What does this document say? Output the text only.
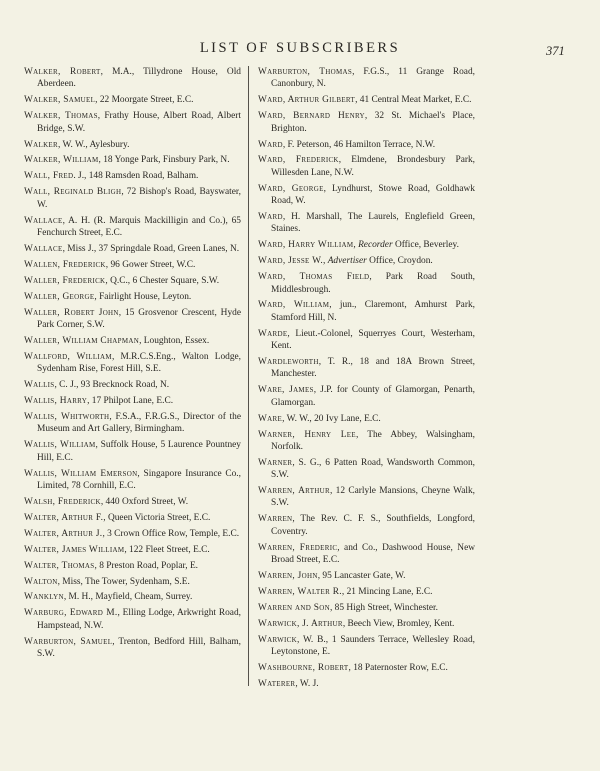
LIST OF SUBSCRIBERS	371
Walker, Robert, M.A., Tillydrone House, Old Aberdeen.
Walker, Samuel, 22 Moorgate Street, E.C.
Walker, Thomas, Frathy House, Albert Road, Albert Bridge, S.W.
Walker, W. W., Aylesbury.
Walker, William, 18 Yonge Park, Finsbury Park, N.
Wall, Fred. J., 148 Ramsden Road, Balham.
Wall, Reginald Bligh, 72 Bishop's Road, Bayswater, W.
Wallace, A. H. (R. Marquis Mackilligin and Co.), 65 Fenchurch Street, E.C.
Wallace, Miss J., 37 Springdale Road, Green Lanes, N.
Wallen, Frederick, 96 Gower Street, W.C.
Waller, Frederick, Q.C., 6 Chester Square, S.W.
Waller, George, Fairlight House, Leyton.
Waller, Robert John, 15 Grosvenor Crescent, Hyde Park Corner, S.W.
Waller, William Chapman, Loughton, Essex.
Wallford, William, M.R.C.S.Eng., Walton Lodge, Sydenham Rise, Forest Hill, S.E.
Wallis, C. J., 93 Brecknock Road, N.
Wallis, Harry, 17 Philpot Lane, E.C.
Wallis, Whitworth, F.S.A., F.R.G.S., Director of the Museum and Art Gallery, Birmingham.
Wallis, William, Suffolk House, 5 Laurence Pountney Hill, E.C.
Wallis, William Emerson, Singapore Insurance Co., Limited, 78 Cornhill, E.C.
Walsh, Frederick, 440 Oxford Street, W.
Walter, Arthur F., Queen Victoria Street, E.C.
Walter, Arthur J., 3 Crown Office Row, Temple, E.C.
Walter, James William, 122 Fleet Street, E.C.
Walter, Thomas, 8 Preston Road, Poplar, E.
Walton, Miss, The Tower, Sydenham, S.E.
Wanklyn, M. H., Mayfield, Cheam, Surrey.
Warburg, Edward M., Elling Lodge, Arkwright Road, Hampstead, N.W.
Warburton, Samuel, Trenton, Bedford Hill, Balham, S.W.
Warburton, Thomas, F.G.S., 11 Grange Road, Canonbury, N.
Ward, Arthur Gilbert, 41 Central Meat Market, E.C.
Ward, Bernard Henry, 32 St. Michael's Place, Brighton.
Ward, F. Peterson, 46 Hamilton Terrace, N.W.
Ward, Frederick, Elmdene, Brondesbury Park, Willesden Lane, N.W.
Ward, George, Lyndhurst, Stowe Road, Goldhawk Road, W.
Ward, H. Marshall, The Laurels, Englefield Green, Staines.
Ward, Harry William, Recorder Office, Beverley.
Ward, Jesse W., Advertiser Office, Croydon.
Ward, Thomas Field, Park Road South, Middlesbrough.
Ward, William, jun., Claremont, Amhurst Park, Stamford Hill, N.
Warde, Lieut.-Colonel, Squerryes Court, Westerham, Kent.
Wardleworth, T. R., 18 and 18A Brown Street, Manchester.
Ware, James, J.P. for County of Glamorgan, Penarth, Glamorgan.
Ware, W. W., 20 Ivy Lane, E.C.
Warner, Henry Lee, The Abbey, Walsingham, Norfolk.
Warner, S. G., 6 Patten Road, Wandsworth Common, S.W.
Warren, Arthur, 12 Carlyle Mansions, Cheyne Walk, S.W.
Warren, The Rev. C. F. S., Southfields, Longford, Coventry.
Warren, Frederic, and Co., Dashwood House, New Broad Street, E.C.
Warren, John, 95 Lancaster Gate, W.
Warren, Walter R., 21 Mincing Lane, E.C.
Warren and Son, 85 High Street, Winchester.
Warwick, J. Arthur, Beech View, Bromley, Kent.
Warwick, W. B., 1 Saunders Terrace, Wellesley Road, Leytonstone, E.
Washbourne, Robert, 18 Paternoster Row, E.C.
Waterer, W. J.
